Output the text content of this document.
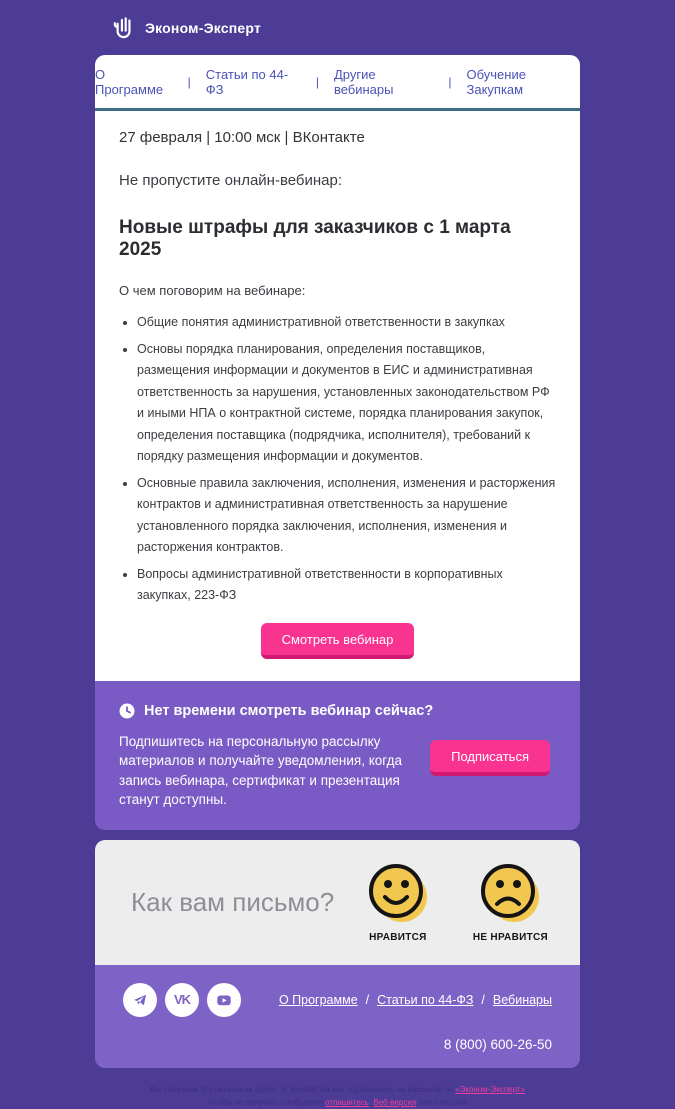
Эконом-Эксперт
О Программе	| Статьи по 44-ФЗ	| Другие вебинары	| Обучение Закупкам
27 февраля | 10:00 мск | ВКонтакте
Не пропустите онлайн-вебинар:
Новые штрафы для заказчиков с 1 марта 2025
О чем поговорим на вебинаре:
• Общие понятия административной ответственности в закупках
• Основы порядка планирования, определения поставщиков, размещения информации и документов в ЕИС и административная ответственность за нарушения, установленных законодательством РФ и иными НПА о контрактной системе, порядка планирования закупок, определения поставщика (подрядчика, исполнителя), требований к порядку размещения информации и документов.
• Основные правила заключения, исполнения, изменения и расторжения контрактов и административная ответственность за нарушение установленного порядка заключения, исполнения, изменения и расторжения контрактов.
• Вопросы административной ответственности в корпоративных закупках, 223-ФЗ
Смотреть вебинар
Нет времени смотреть вебинар сейчас?
Подпишитесь на персональную рассылку материалов и получайте уведомления, когда запись вебинара, сертификат и презентация станут доступны.
Подписаться
Как вам письмо?
НРАВИТСЯ	НЕ НРАВИТСЯ
VK	О Программе / Статьи по 44-ФЗ / Вебинары
8 (800) 600-26-50
Вы получили это письмо на адрес: {{_Email}} так как подписались на рассылки от «Эконом-Эксперт»
Чтобы не получать сообщения отпишитесь. Веб-версия этого письма
